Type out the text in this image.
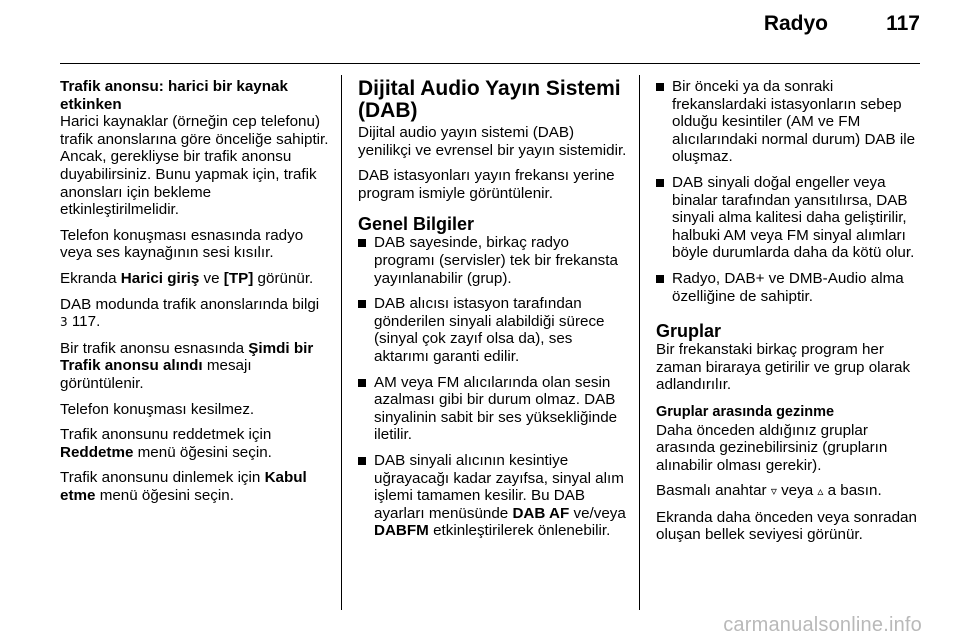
Radyo	117

Trafik anonsu: harici bir kaynak etkinken

Harici kaynaklar (örneğin cep telefonu) trafik anonslarına göre önceliğe sahiptir. Ancak, gerekliyse bir trafik anonsu duyabilirsiniz. Bunu yapmak için, trafik anonsları için bekleme etkinleştirilmelidir.

Telefon konuşması esnasında radyo veya ses kaynağının sesi kısılır.

Ekranda Harici giriş ve [TP] görünür.

DAB modunda trafik anonslarında bilgi 3 117.

Bir trafik anonsu esnasında Şimdi bir Trafik anonsu alındı mesajı görüntülenir.

Telefon konuşması kesilmez.

Trafik anonsunu reddetmek için Reddetme menü öğesini seçin.

Trafik anonsunu dinlemek için Kabul etme menü öğesini seçin.

Dijital Audio Yayın Sistemi (DAB)

Dijital audio yayın sistemi (DAB) yenilikçi ve evrensel bir yayın sistemidir.

DAB istasyonları yayın frekansı yerine program ismiyle görüntülenir.

Genel Bilgiler
DAB sayesinde, birkaç radyo programı (servisler) tek bir frekansta yayınlanabilir (grup).
DAB alıcısı istasyon tarafından gönderilen sinyali alabildiği sürece (sinyal çok zayıf olsa da), ses aktarımı garanti edilir.
AM veya FM alıcılarında olan sesin azalması gibi bir durum olmaz. DAB sinyalinin sabit bir ses yüksekliğinde iletilir.
DAB sinyali alıcının kesintiye uğrayacağı kadar zayıfsa, sinyal alım işlemi tamamen kesilir. Bu DAB ayarları menüsünde DAB AF ve/veya DABFM etkinleştirilerek önlenebilir.
Bir önceki ya da sonraki frekanslardaki istasyonların sebep olduğu kesintiler (AM ve FM alıcılarındaki normal durum) DAB ile oluşmaz.
DAB sinyali doğal engeller veya binalar tarafından yansıtılırsa, DAB sinyali alma kalitesi daha geliştirilir, halbuki AM veya FM sinyal alımları böyle durumlarda daha da kötü olur.
Radyo, DAB+ ve DMB-Audio alma özelliğine de sahiptir.
Gruplar

Bir frekanstaki birkaç program her zaman biraraya getirilir ve grup olarak adlandırılır.

Gruplar arasında gezinme

Daha önceden aldığınız gruplar arasında gezinebilirsiniz (grupların alınabilir olması gerekir).

Basmalı anahtar ⁠▿ veya ▵ a basın.

Ekranda daha önceden veya sonradan oluşan bellek seviyesi görünür.

carmanualsonline.info
